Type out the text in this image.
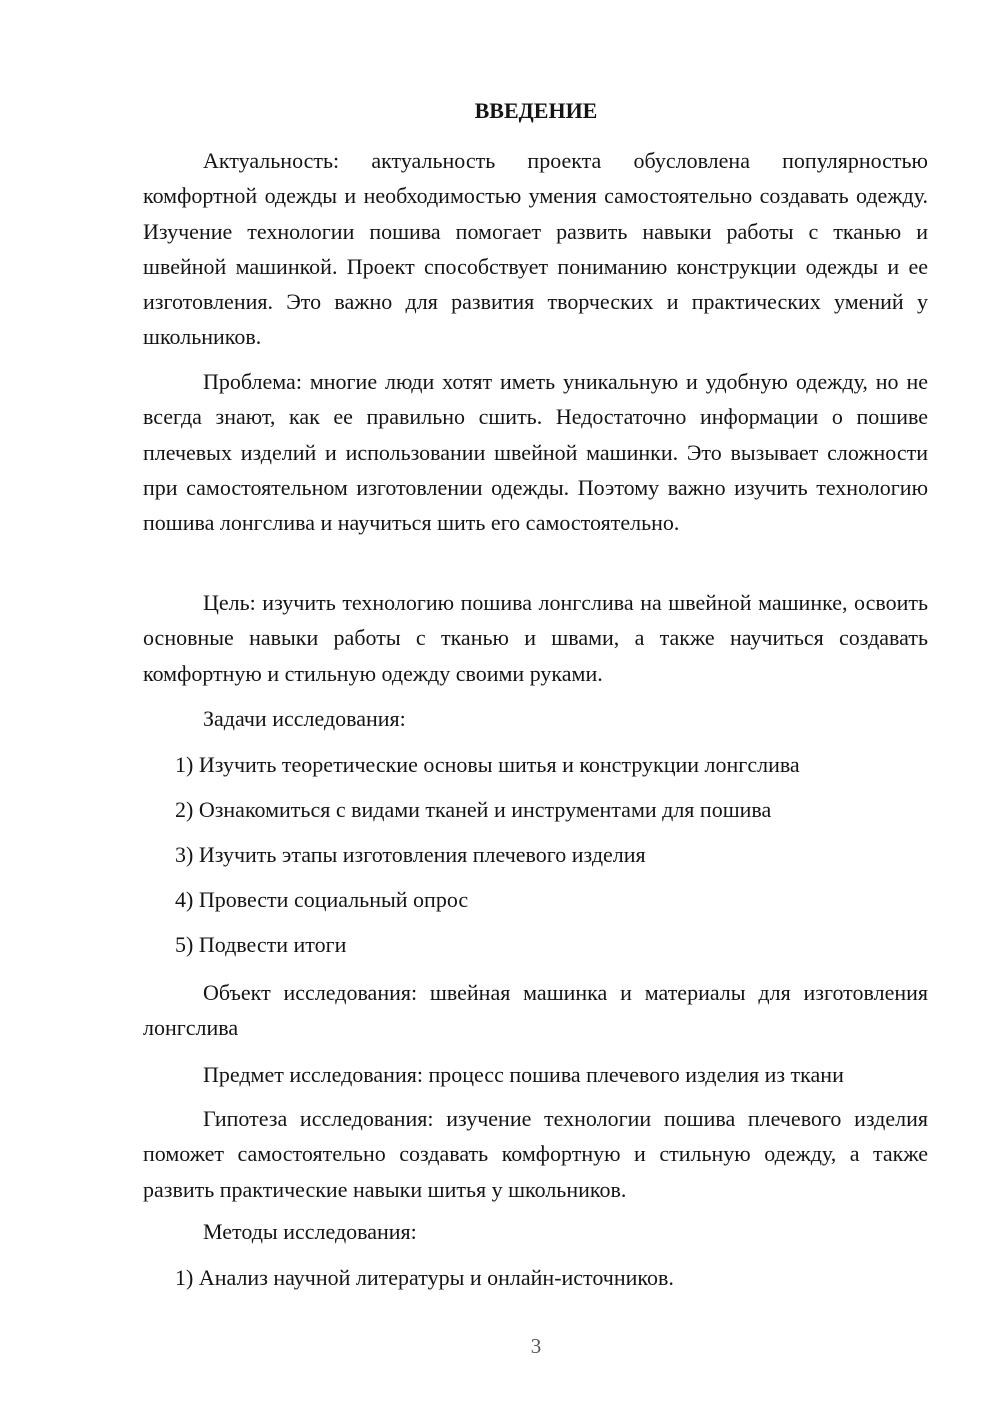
ВВЕДЕНИЕ

Актуальность: актуальность проекта обусловлена популярностью комфортной одежды и необходимостью умения самостоятельно создавать одежду. Изучение технологии пошива помогает развить навыки работы с тканью и швейной машинкой. Проект способствует пониманию конструкции одежды и ее изготовления. Это важно для развития творческих и практических умений у школьников.

Проблема: многие люди хотят иметь уникальную и удобную одежду, но не всегда знают, как ее правильно сшить. Недостаточно информации о пошиве плечевых изделий и использовании швейной машинки. Это вызывает сложности при самостоятельном изготовлении одежды. Поэтому важно изучить технологию пошива лонгслива и научиться шить его самостоятельно.

Цель: изучить технологию пошива лонгслива на швейной машинке, освоить основные навыки работы с тканью и швами, а также научиться создавать комфортную и стильную одежду своими руками.

Задачи исследования:

1) Изучить теоретические основы шитья и конструкции лонгслива

2) Ознакомиться с видами тканей и инструментами для пошива

3) Изучить этапы изготовления плечевого изделия

4) Провести социальный опрос

5) Подвести итоги

Объект исследования: швейная машинка и материалы для изготовления лонгслива

Предмет исследования: процесс пошива плечевого изделия из ткани

Гипотеза исследования: изучение технологии пошива плечевого изделия поможет самостоятельно создавать комфортную и стильную одежду, а также развить практические навыки шитья у школьников.

Методы исследования:

1) Анализ научной литературы и онлайн-источников.

3
